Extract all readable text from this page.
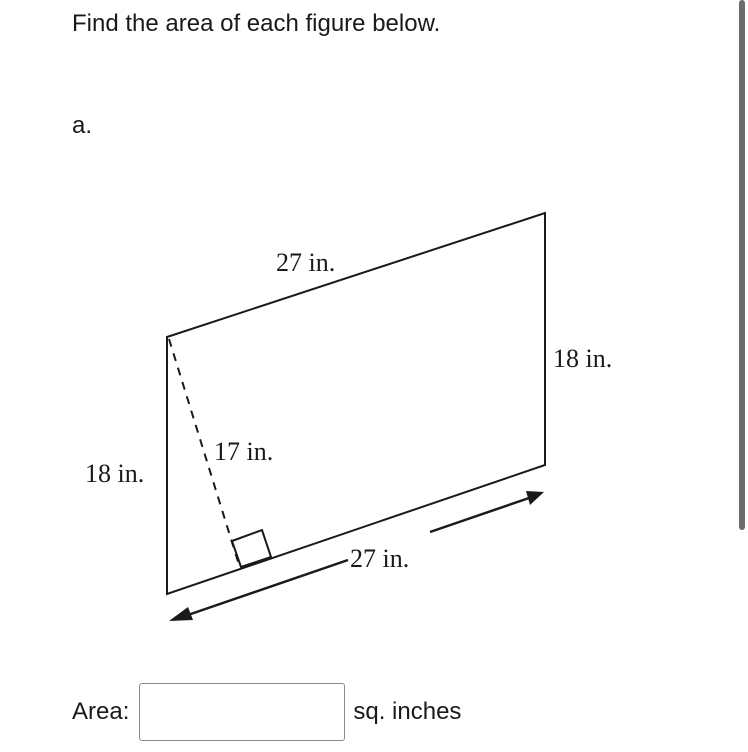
Find the area of each figure below.
a.
27 in.
18 in.
18 in.
17 in.
27 in.
Area:	sq. inches
